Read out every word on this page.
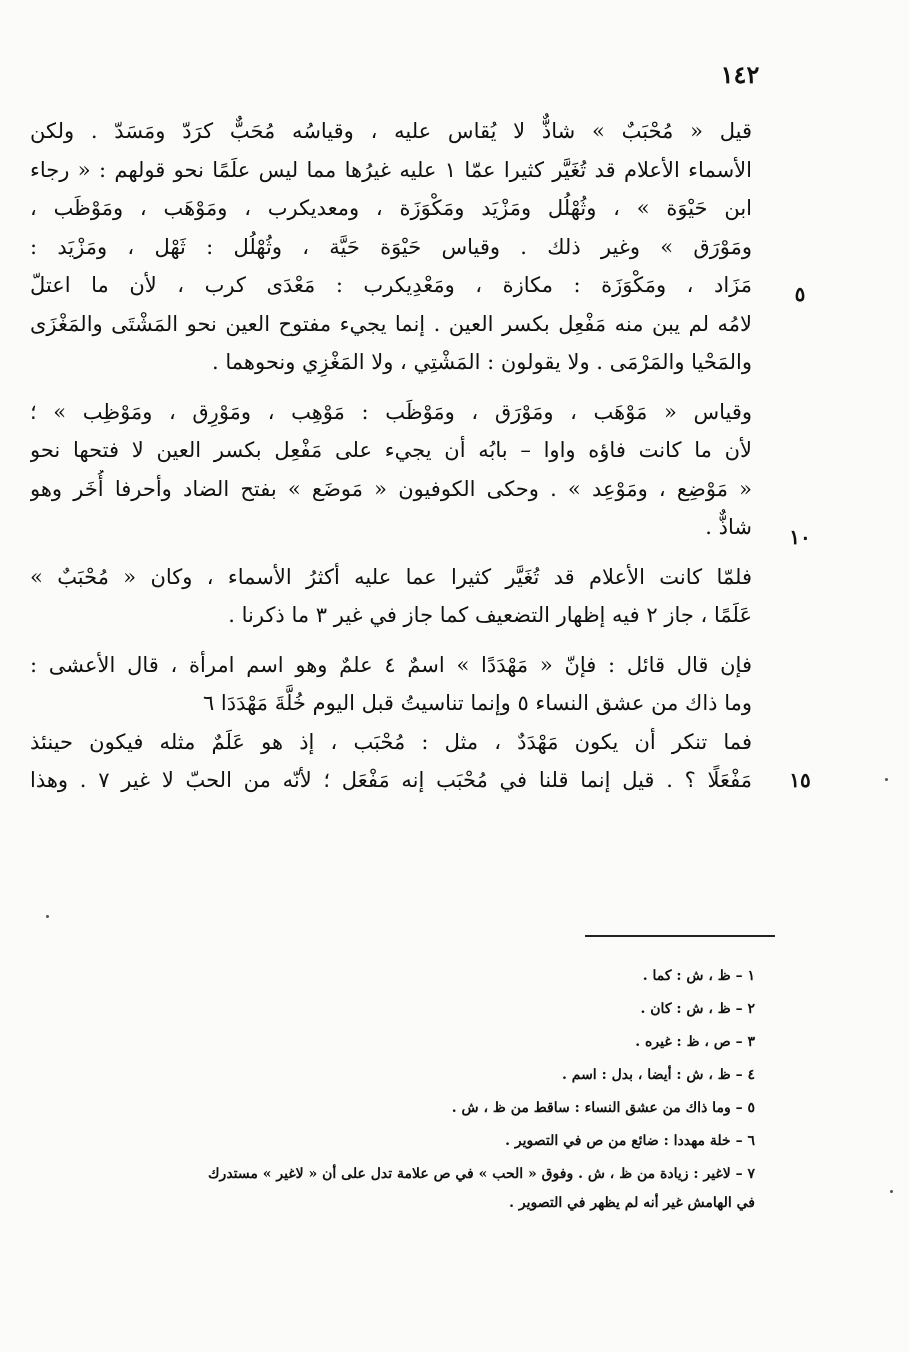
١٤٢
٥
١٠
١٥
قيل « مُحْبَبٌ » شاذٌّ لا يُقاس عليه ، وقياسُه مُحَبٌّ كرَدّ ومَسَدّ . ولكن
الأسماء الأعلام قد تُغَيَّر كثيرا عمّا ١ عليه غيرُها مما ليس علَمًا نحو قولهم : « رجاء
ابن حَيْوَة » ، وثُهْلُل ومَزْيَد ومَكْوَزَة ، ومعديكرب ، ومَوْهَب ، ومَوْظَب ،
ومَوْرَق » وغير ذلك . وقياس حَيْوَة حَيَّة ، وثُهْلُل : ثَهْل ، ومَزْيَد :
مَزَاد ، ومَكْوَزَة : مكازة ، ومَعْدِيكرب : مَعْدَى كرب ، لأن ما اعتلّ
لامُه لم يبن منه مَفْعِل بكسر العين . إنما يجيء مفتوح العين نحو المَشْتَى والمَغْزَى
والمَحْيا والمَرْمَى . ولا يقولون : المَشْتِي ، ولا المَغْزِي ونحوهما .
وقياس « مَوْهَب ، ومَوْرَق ، ومَوْظَب : مَوْهِب ، ومَوْرِق ، ومَوْظِب » ؛
لأن ما كانت فاؤه واوا – بابُه أن يجيء على مَفْعِل بكسر العين لا فتحها نحو
« مَوْضِع ، ومَوْعِد » . وحكى الكوفيون « مَوضَع » بفتح الضاد وأحرفا أُخَر وهو
شاذٌّ .
فلمّا كانت الأعلام قد تُغَيَّر كثيرا عما عليه أكثرُ الأسماء ، وكان « مُحْبَبٌ »
عَلَمًا ، جاز ٢ فيه إظهار التضعيف كما جاز في غير ٣ ما ذكرنا .
فإن قال قائل : فإنّ « مَهْدَدًا » اسمٌ ٤ علمٌ وهو اسم امرأة ، قال الأعشى :
وما ذاك من عشق النساء ٥ وإنما تناسيتُ قبل اليوم خُلَّةَ مَهْدَدَا ٦
فما تنكر أن يكون مَهْدَدٌ ، مثل : مُحْبَب ، إذ هو عَلَمٌ مثله فيكون حينئذ
مَفْعَلًا ؟ . قيل إنما قلنا في مُحْبَب إنه مَفْعَل ؛ لأنّه من الحبّ لا غير ٧ . وهذا
١ – ظ ، ش : كما .
٢ – ظ ، ش : كان .
٣ – ص ، ظ : غيره .
٤ – ظ ، ش : أيضا ، بدل : اسم .
٥ – وما ذاك من عشق النساء : ساقط من ظ ، ش .
٦ – خلة مهددا : ضائع من ص في التصوير .
٧ – لاغير : زيادة من ظ ، ش . وفوق « الحب » في ص علامة تدل على أن « لاغير » مستدرك
في الهامش غير أنه لم يظهر في التصوير .
